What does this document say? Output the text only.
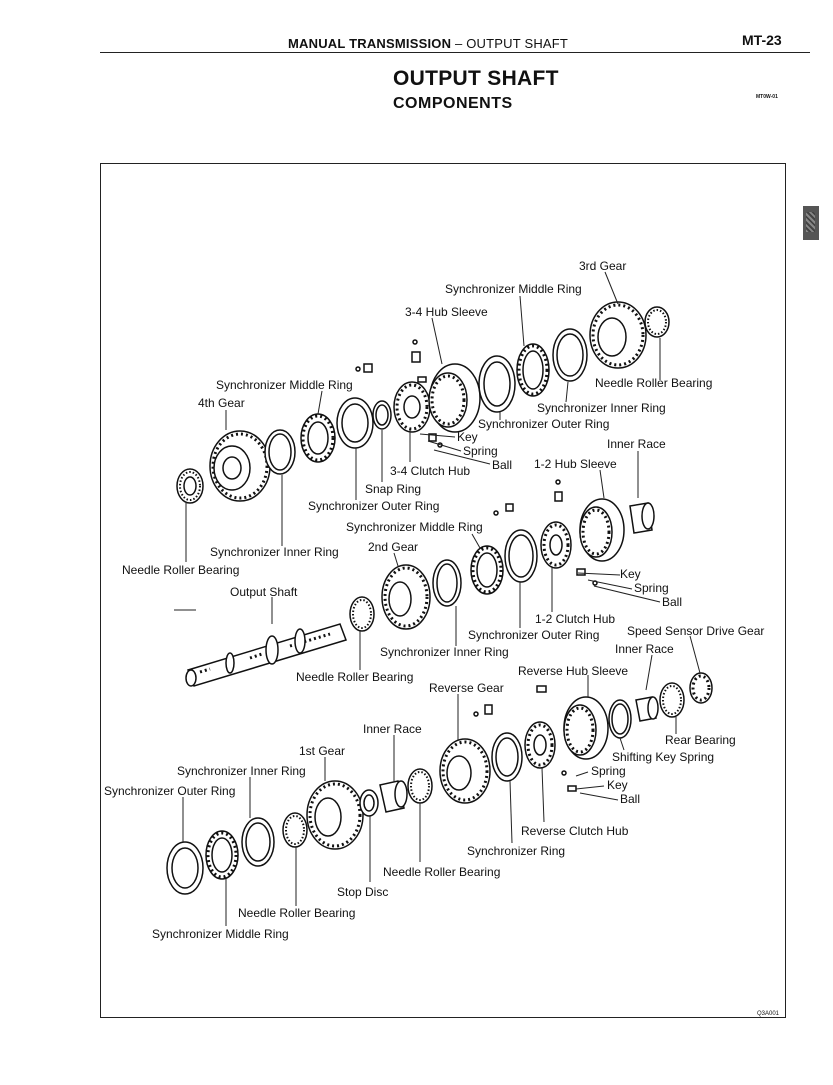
MANUAL TRANSMISSION – OUTPUT SHAFT	MT-23
OUTPUT SHAFT
COMPONENTS	MT0W-01
Q3A001
3rd Gear
Synchronizer Middle Ring
3-4 Hub Sleeve
Needle Roller Bearing
Synchronizer Middle Ring
4th Gear	Synchronizer Inner Ring
Synchronizer Outer Ring
Key
Spring
Ball
3-4 Clutch Hub	1-2 Hub Sleeve
Inner Race
Snap Ring
Synchronizer Outer Ring
Synchronizer Middle Ring
2nd Gear
Synchronizer Inner Ring
Needle Roller Bearing	Key
Spring
Ball
Output Shaft
1-2 Clutch Hub
Synchronizer Outer Ring Speed Sensor Drive Gear
Inner Race
Synchronizer Inner Ring
Needle Roller Bearing	Reverse Hub Sleeve
Reverse Gear
Rear Bearing
Inner Race
Shifting Key Spring
1st Gear
Synchronizer Inner Ring	Spring
Synchronizer Outer Ring	Key
Ball
Reverse Clutch Hub
Synchronizer Ring
Needle Roller Bearing
Stop Disc
Needle Roller Bearing
Synchronizer Middle Ring
